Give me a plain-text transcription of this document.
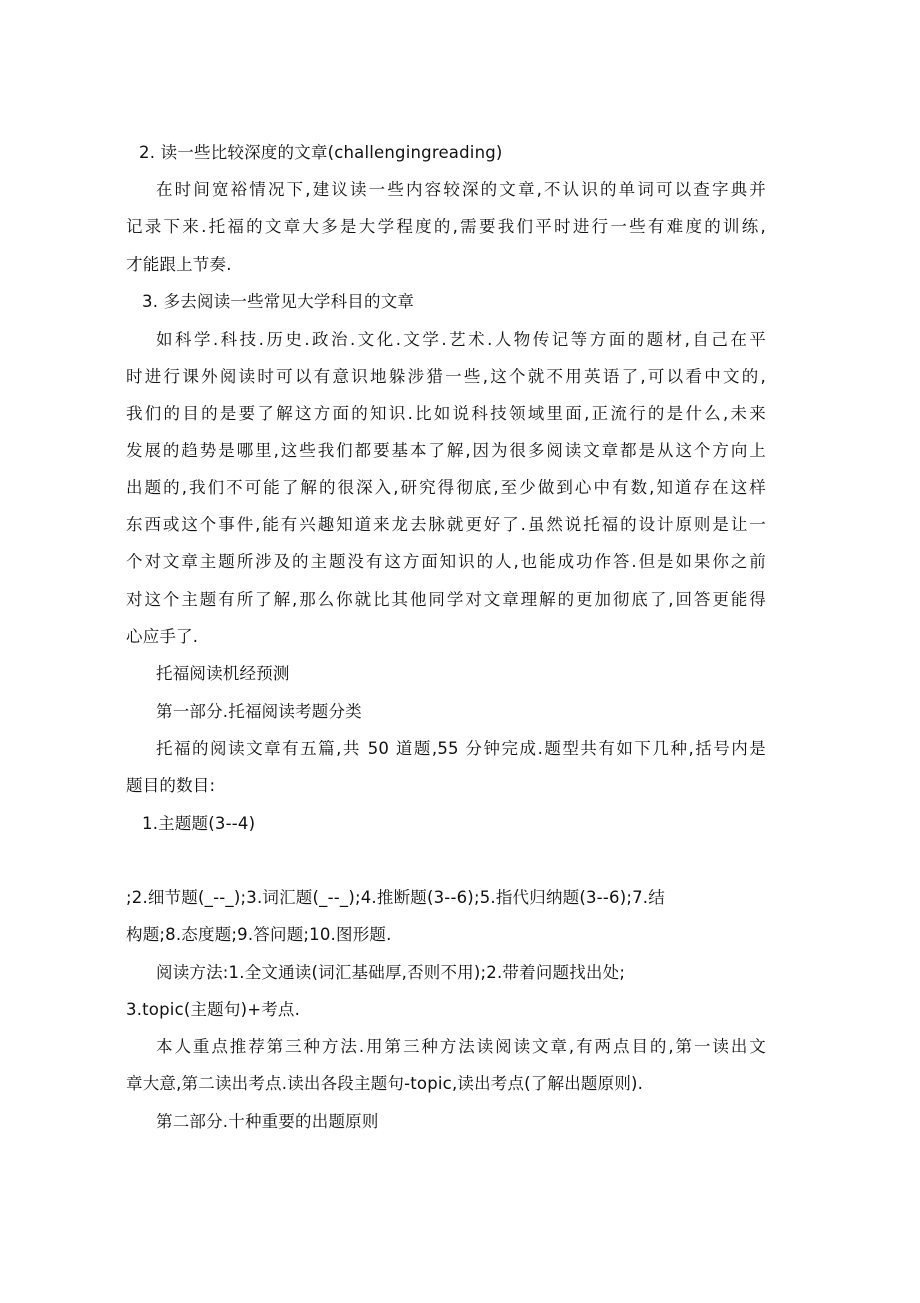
2. 读一些比较深度的文章(challengingreading)
在时间宽裕情况下,建议读一些内容较深的文章,不认识的单词可以查字典并
记录下来.托福的文章大多是大学程度的,需要我们平时进行一些有难度的训练,
才能跟上节奏.
3. 多去阅读一些常见大学科目的文章
如科学.科技.历史.政治.文化.文学.艺术.人物传记等方面的题材,自己在平
时进行课外阅读时可以有意识地躲涉猎一些,这个就不用英语了,可以看中文的,
我们的目的是要了解这方面的知识.比如说科技领域里面,正流行的是什么,未来
发展的趋势是哪里,这些我们都要基本了解,因为很多阅读文章都是从这个方向上
出题的,我们不可能了解的很深入,研究得彻底,至少做到心中有数,知道存在这样
东西或这个事件,能有兴趣知道来龙去脉就更好了.虽然说托福的设计原则是让一
个对文章主题所涉及的主题没有这方面知识的人,也能成功作答.但是如果你之前
对这个主题有所了解,那么你就比其他同学对文章理解的更加彻底了,回答更能得
心应手了.
托福阅读机经预测
第一部分.托福阅读考题分类
托福的阅读文章有五篇,共 50 道题,55 分钟完成.题型共有如下几种,括号内是
题目的数目:
1.主题题(3--4)
;2.细节题(_--_);3.词汇题(_--_);4.推断题(3--6);5.指代归纳题(3--6);7.结
构题;8.态度题;9.答问题;10.图形题.
阅读方法:1.全文通读(词汇基础厚,否则不用);2.带着问题找出处;
3.topic(主题句)+考点.
本人重点推荐第三种方法.用第三种方法读阅读文章,有两点目的,第一读出文
章大意,第二读出考点.读出各段主题句-topic,读出考点(了解出题原则).
第二部分.十种重要的出题原则
